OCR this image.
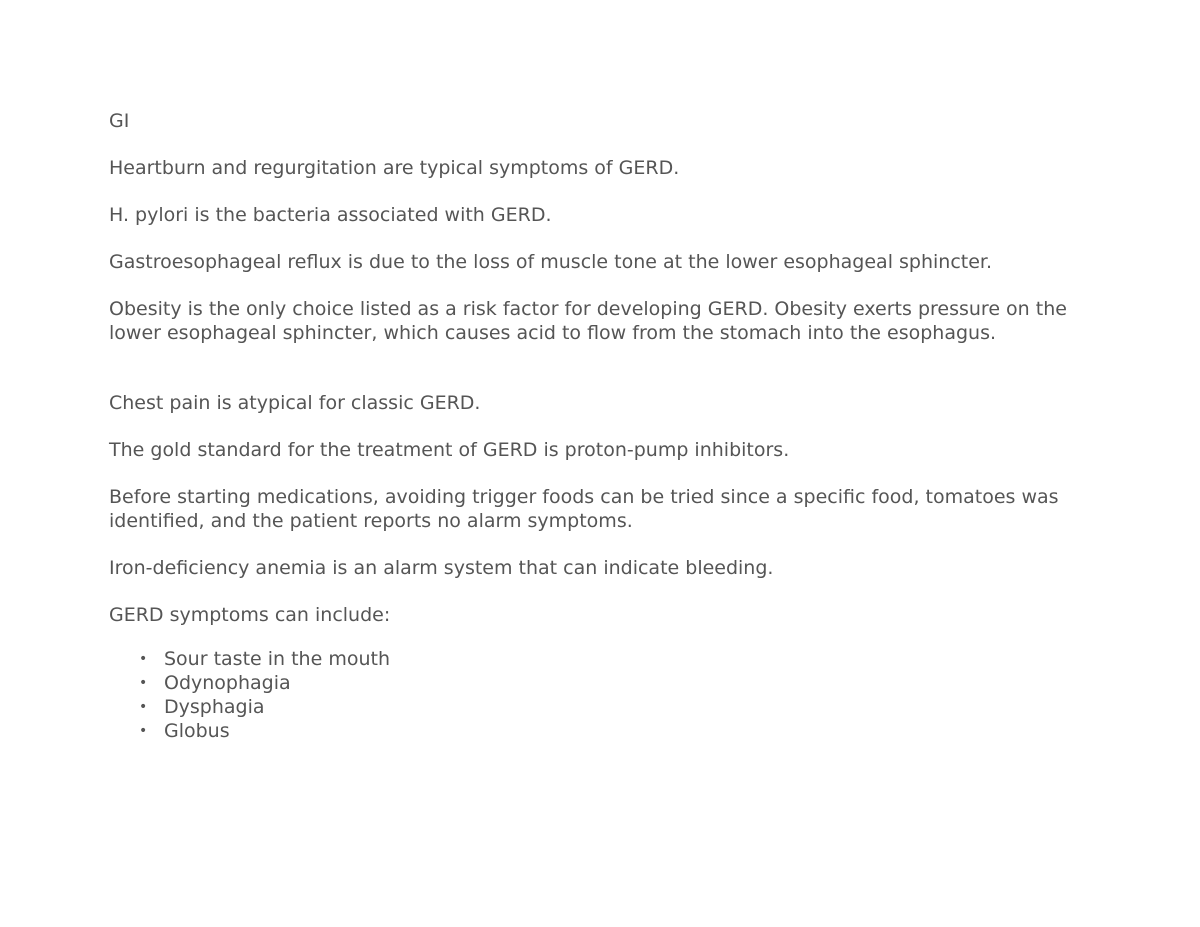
GI

Heartburn and regurgitation are typical symptoms of GERD.

H. pylori is the bacteria associated with GERD.

Gastroesophageal reflux is due to the loss of muscle tone at the lower esophageal sphincter.

Obesity is the only choice listed as a risk factor for developing GERD. Obesity exerts pressure on the lower esophageal sphincter, which causes acid to flow from the stomach into the esophagus.

Chest pain is atypical for classic GERD.

The gold standard for the treatment of GERD is proton-pump inhibitors.

Before starting medications, avoiding trigger foods can be tried since a specific food, tomatoes was identified, and the patient reports no alarm symptoms.

Iron-deficiency anemia is an alarm system that can indicate bleeding.

GERD symptoms can include:

• Sour taste in the mouth
• Odynophagia
• Dysphagia
• Globus
